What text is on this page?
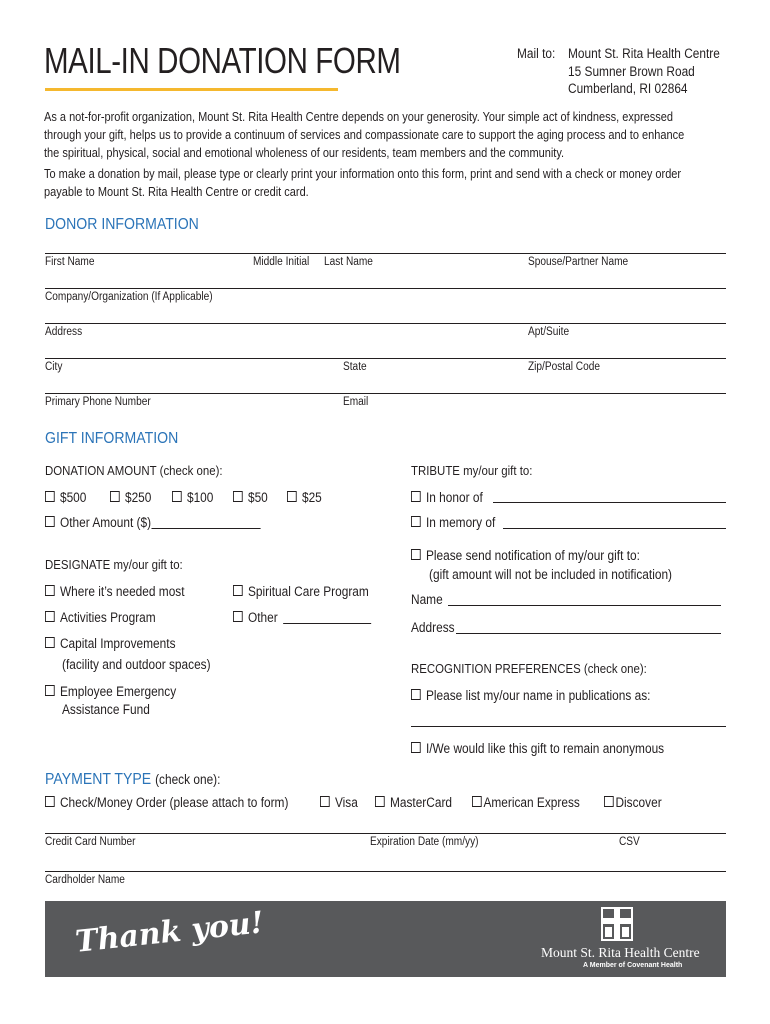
MAIL-IN DONATION FORM	Mail to: Mount St. Rita Health Centre
15 Sumner Brown Road
Cumberland, RI 02864
As a not-for-profit organization, Mount St. Rita Health Centre depends on your generosity. Your simple act of kindness, expressed
through your gift, helps us to provide a continuum of services and compassionate care to support the aging process and to enhance
the spiritual, physical, social and emotional wholeness of our residents, team members and the community.
To make a donation by mail, please type or clearly print your information onto this form, print and send with a check or money order
payable to Mount St. Rita Health Centre or credit card.
DONOR INFORMATION
First Name	Middle Initial Last Name	Spouse/Partner Name
Company/Organization (If Applicable)
Address	Apt/Suite
City	State	Zip/Postal Code
Primary Phone Number	Email
GIFT INFORMATION
DONATION AMOUNT (check one):
$500	$250	$100	$50	$25
Other Amount ($)
DESIGNATE my/our gift to:
Where it’s needed most	Spiritual Care Program
Activities Program	Other
Capital Improvements
(facility and outdoor spaces)
Employee Emergency
Assistance Fund
TRIBUTE my/our gift to:
In honor of
In memory of
Please send notification of my/our gift to:
(gift amount will not be included in notification)
Name
Address
RECOGNITION PREFERENCES (check one):
Please list my/our name in publications as:
I/We would like this gift to remain anonymous
PAYMENT TYPE (check one):
Check/Money Order (please attach to form)	Visa	MasterCard	American Express	Discover
Credit Card Number	Expiration Date (mm/yy)	CSV
Cardholder Name
Thank you!	Mount St. Rita Health Centre
A Member of Covenant Health
